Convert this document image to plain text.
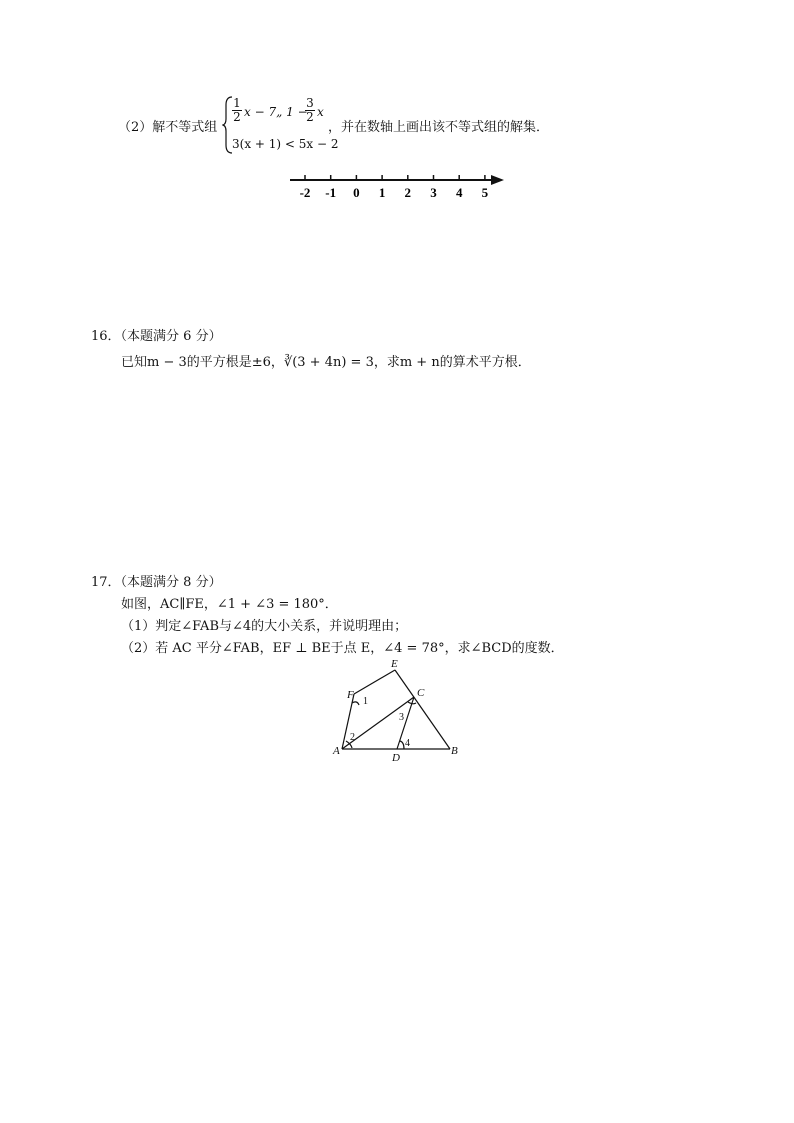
（2）解不等式组
1
2 x − 7„ 1 −
3
2 x
3(x + 1) < 5x − 2
，并在数轴上画出该不等式组的解集．
-2 -1 0 1 2 3 4 5
16．（本题满分 6 分）
已知m − 3的平方根是±6，∛(3 + 4n) = 3，求m + n的算术平方根．
17．（本题满分 8 分）
如图，AC∥FE，∠1 + ∠3 = 180°．
（1）判定∠FAB与∠4的大小关系，并说明理由；
（2）若 AC 平分∠FAB，EF ⊥ BE于点 E，∠4 = 78°，求∠BCD的度数．
E
F	C
A
D
B
1
2
3
4
